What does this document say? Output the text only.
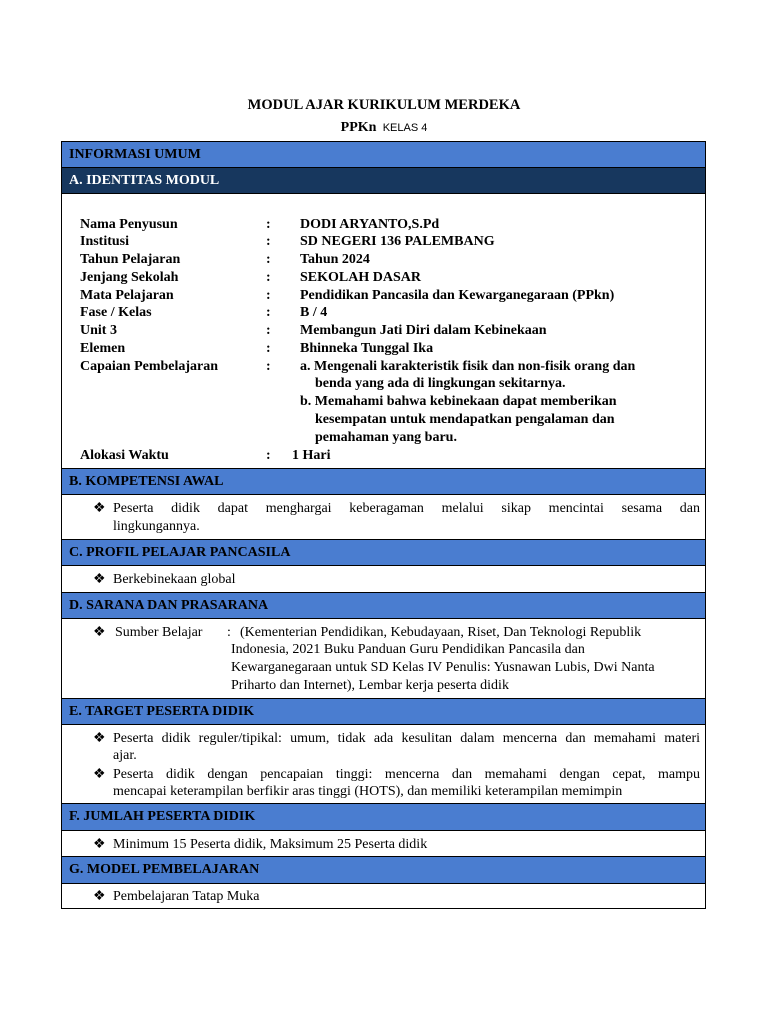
MODUL AJAR KURIKULUM MERDEKA
PPKn KELAS 4
INFORMASI UMUM
A. IDENTITAS MODUL
Nama Penyusun	: DODI ARYANTO,S.Pd
Institusi	: SD NEGERI 136 PALEMBANG
Tahun Pelajaran	: Tahun 2024
Jenjang Sekolah	: SEKOLAH DASAR
Mata Pelajaran	: Pendidikan Pancasila dan Kewarganegaraan (PPkn)
Fase / Kelas	: B / 4
Unit 3	: Membangun Jati Diri dalam Kebinekaan
Elemen	: Bhinneka Tunggal Ika
Capaian Pembelajaran	: a. Mengenali karakteristik fisik dan non-fisik orang dan
benda yang ada di lingkungan sekitarnya.
b. Memahami bahwa kebinekaan dapat memberikan
kesempatan untuk mendapatkan pengalaman dan
pemahaman yang baru.
Alokasi Waktu	: 1 Hari
B. KOMPETENSI AWAL
❖ Peserta didik dapat menghargai keberagaman melalui sikap mencintai sesama dan
lingkungannya.
C. PROFIL PELAJAR PANCASILA
❖ Berkebinekaan global
D. SARANA DAN PRASARANA
❖ Sumber Belajar	: (Kementerian Pendidikan, Kebudayaan, Riset, Dan Teknologi Republik
Indonesia, 2021 Buku Panduan Guru Pendidikan Pancasila dan
Kewarganegaraan untuk SD Kelas IV Penulis: Yusnawan Lubis, Dwi Nanta
Priharto dan Internet), Lembar kerja peserta didik
E. TARGET PESERTA DIDIK
❖ Peserta didik reguler/tipikal: umum, tidak ada kesulitan dalam mencerna dan memahami materi
ajar.
❖ Peserta didik dengan pencapaian tinggi: mencerna dan memahami dengan cepat, mampu
mencapai keterampilan berfikir aras tinggi (HOTS), dan memiliki keterampilan memimpin
F. JUMLAH PESERTA DIDIK
❖ Minimum 15 Peserta didik, Maksimum 25 Peserta didik
G. MODEL PEMBELAJARAN
❖ Pembelajaran Tatap Muka
